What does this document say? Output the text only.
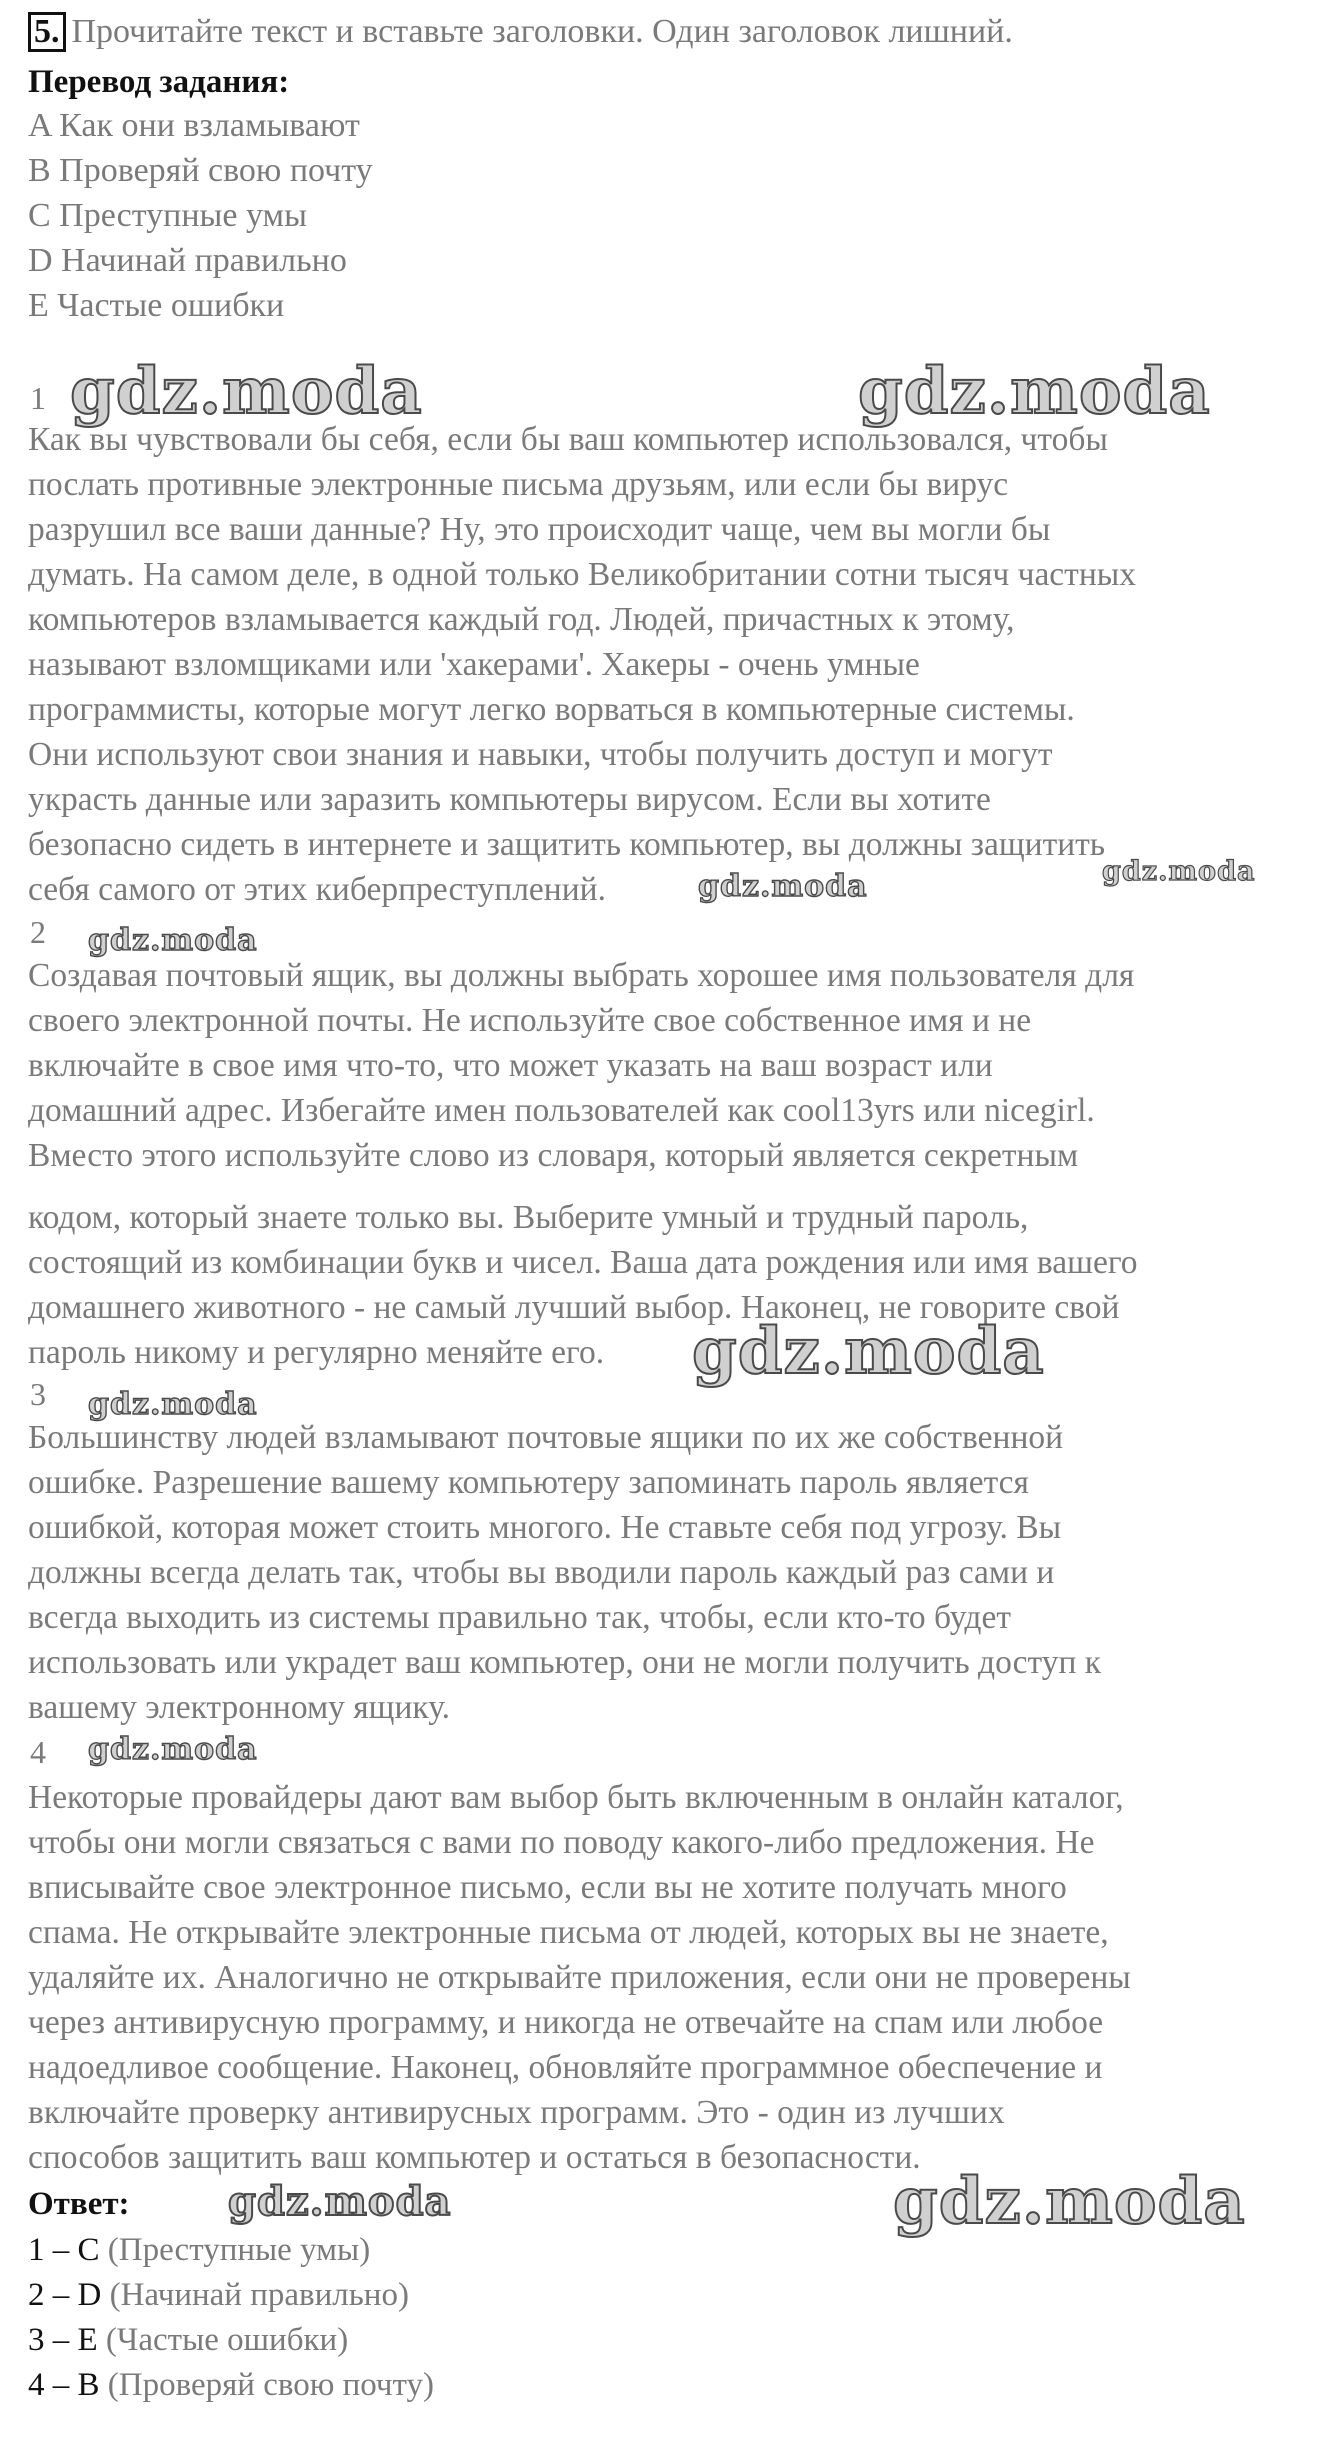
5. Прочитайте текст и вставьте заголовки. Один заголовок лишний.
Перевод задания:
A Как они взламывают
B Проверяй свою почту
C Преступные умы
D Начинай правильно
E Частые ошибки
1
Как вы чувствовали бы себя, если бы ваш компьютер использовался, чтобы
послать противные электронные письма друзьям, или если бы вирус
разрушил все ваши данные? Ну, это происходит чаще, чем вы могли бы
думать. На самом деле, в одной только Великобритании сотни тысяч частных
компьютеров взламывается каждый год. Людей, причастных к этому,
называют взломщиками или 'хакерами'. Хакеры - очень умные
программисты, которые могут легко ворваться в компьютерные системы.
Они используют свои знания и навыки, чтобы получить доступ и могут
украсть данные или заразить компьютеры вирусом. Если вы хотите
безопасно сидеть в интернете и защитить компьютер, вы должны защитить
себя самого от этих киберпреступлений.
2
Создавая почтовый ящик, вы должны выбрать хорошее имя пользователя для
своего электронной почты. Не используйте свое собственное имя и не
включайте в свое имя что-то, что может указать на ваш возраст или
домашний адрес. Избегайте имен пользователей как cool13yrs или nicegirl.
Вместо этого используйте слово из словаря, который является секретным
кодом, который знаете только вы. Выберите умный и трудный пароль,
состоящий из комбинации букв и чисел. Ваша дата рождения или имя вашего
домашнего животного - не самый лучший выбор. Наконец, не говорите свой
пароль никому и регулярно меняйте его.
3
Большинству людей взламывают почтовые ящики по их же собственной
ошибке. Разрешение вашему компьютеру запоминать пароль является
ошибкой, которая может стоить многого. Не ставьте себя под угрозу. Вы
должны всегда делать так, чтобы вы вводили пароль каждый раз сами и
всегда выходить из системы правильно так, чтобы, если кто-то будет
использовать или украдет ваш компьютер, они не могли получить доступ к
вашему электронному ящику.
4
Некоторые провайдеры дают вам выбор быть включенным в онлайн каталог,
чтобы они могли связаться с вами по поводу какого-либо предложения. Не
вписывайте свое электронное письмо, если вы не хотите получать много
спама. Не открывайте электронные письма от людей, которых вы не знаете,
удаляйте их. Аналогично не открывайте приложения, если они не проверены
через антивирусную программу, и никогда не отвечайте на спам или любое
надоедливое сообщение. Наконец, обновляйте программное обеспечение и
включайте проверку антивирусных программ. Это - один из лучших
способов защитить ваш компьютер и остаться в безопасности.
Ответ:
1 – C (Преступные умы)
2 – D (Начинай правильно)
3 – E (Частые ошибки)
4 – B (Проверяй свою почту)
gdz.moda	gdz.moda
gdz.moda	gdz.moda
gdz.moda
gdz.moda
gdz.moda
gdz.moda
gdz.moda	gdz.moda
